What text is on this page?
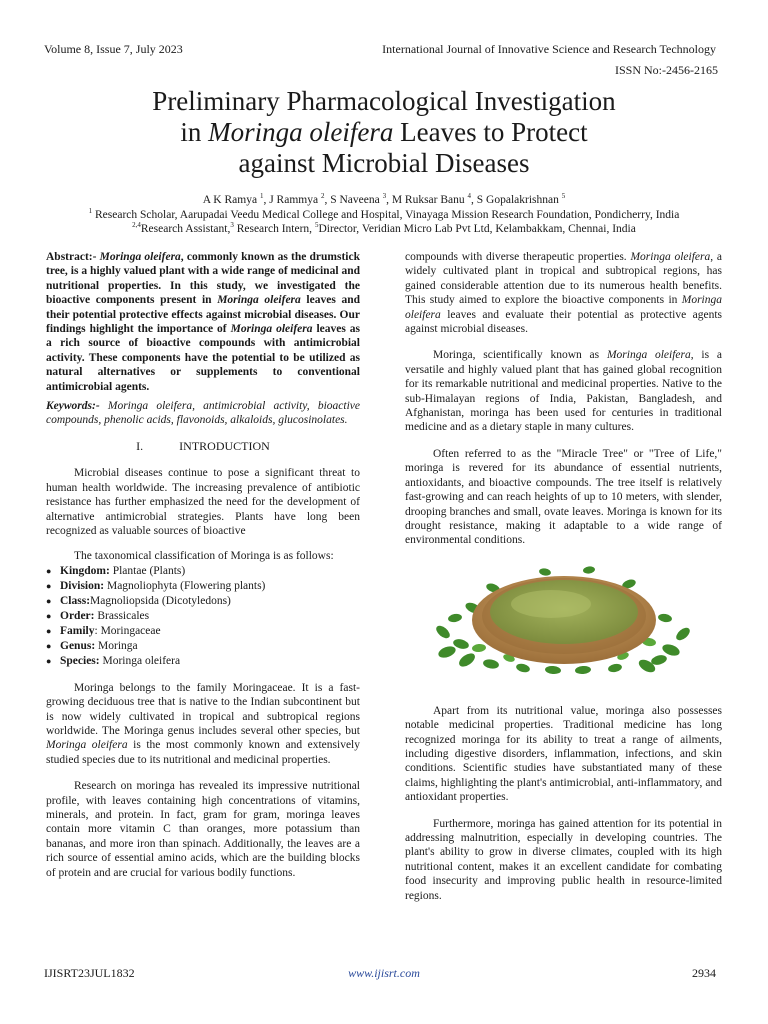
Volume 8, Issue 7, July 2023	International Journal of Innovative Science and Research Technology
ISSN No:-2456-2165
Preliminary Pharmacological Investigation
in Moringa oleifera Leaves to Protect
against Microbial Diseases
A K Ramya $^1$, J Rammya $^2$, S Naveena $^3$, M Ruksar Banu $^4$, S Gopalakrishnan $^5$
$^1$ Research Scholar, Aarupadai Veedu Medical College and Hospital, Vinayaga Mission Research Foundation, Pondicherry, India
$^{2,4}$Research Assistant,$^3$ Research Intern, $^5$Director, Veridian Micro Lab Pvt Ltd, Kelambakkam, Chennai, India

Abstract:- Moringa oleifera, commonly known as the drumstick tree, is a highly valued plant with a wide range of medicinal and nutritional properties. In this study, we investigated the bioactive components present in Moringa oleifera leaves and their potential protective effects against microbial diseases. Our findings highlight the importance of Moringa oleifera leaves as a rich source of bioactive compounds with antimicrobial activity. These components have the potential to be utilized as natural alternatives or supplements to conventional antimicrobial agents.

Keywords:- Moringa oleifera, antimicrobial activity, bioactive compounds, phenolic acids, flavonoids, alkaloids, glucosinolates.

I.	INTRODUCTION

Microbial diseases continue to pose a significant threat to human health worldwide. The increasing prevalence of antibiotic resistance has further emphasized the need for the development of alternative antimicrobial strategies. Plants have long been recognized as valuable sources of bioactive

The taxonomical classification of Moringa is as follows:

● Kingdom: Plantae (Plants)
● Division: Magnoliophyta (Flowering plants)
● Class:Magnoliopsida (Dicotyledons)
● Order: Brassicales
● Family: Moringaceae
● Genus: Moringa
● Species: Moringa oleifera

Moringa belongs to the family Moringaceae. It is a fast-growing deciduous tree that is native to the Indian subcontinent but is now widely cultivated in tropical and subtropical regions worldwide. The Moringa genus includes several other species, but Moringa oleifera is the most commonly known and extensively studied species due to its nutritional and medicinal properties.

Research on moringa has revealed its impressive nutritional profile, with leaves containing high concentrations of vitamins, minerals, and protein. In fact, gram for gram, moringa leaves contain more vitamin C than oranges, more potassium than bananas, and more iron than spinach. Additionally, the leaves are a rich source of essential amino acids, which are the building blocks of protein and are crucial for various bodily functions.

compounds with diverse therapeutic properties. Moringa oleifera, a widely cultivated plant in tropical and subtropical regions, has gained considerable attention due to its numerous health benefits. This study aimed to explore the bioactive components in Moringa oleifera leaves and evaluate their potential as protective agents against microbial diseases.

Moringa, scientifically known as Moringa oleifera, is a versatile and highly valued plant that has gained global recognition for its remarkable nutritional and medicinal properties. Native to the sub-Himalayan regions of India, Pakistan, Bangladesh, and Afghanistan, moringa has been used for centuries in traditional medicine and as a dietary staple in many cultures.

Often referred to as the "Miracle Tree" or "Tree of Life," moringa is revered for its abundance of essential nutrients, antioxidants, and bioactive compounds. The tree itself is relatively fast-growing and can reach heights of up to 10 meters, with slender, drooping branches and small, ovate leaves. Moringa is known for its drought resistance, making it adaptable to a wide range of environmental conditions.

Apart from its nutritional value, moringa also possesses notable medicinal properties. Traditional medicine has long recognized moringa for its ability to treat a range of ailments, including digestive disorders, inflammation, infections, and skin conditions. Scientific studies have substantiated many of these claims, highlighting the plant's antimicrobial, anti-inflammatory, and antioxidant properties.

Furthermore, moringa has gained attention for its potential in addressing malnutrition, especially in developing countries. The plant's ability to grow in diverse climates, coupled with its high nutritional content, makes it an excellent candidate for combating food insecurity and improving public health in resource-limited regions.

IJISRT23JUL1832	www.ijisrt.com	2934
